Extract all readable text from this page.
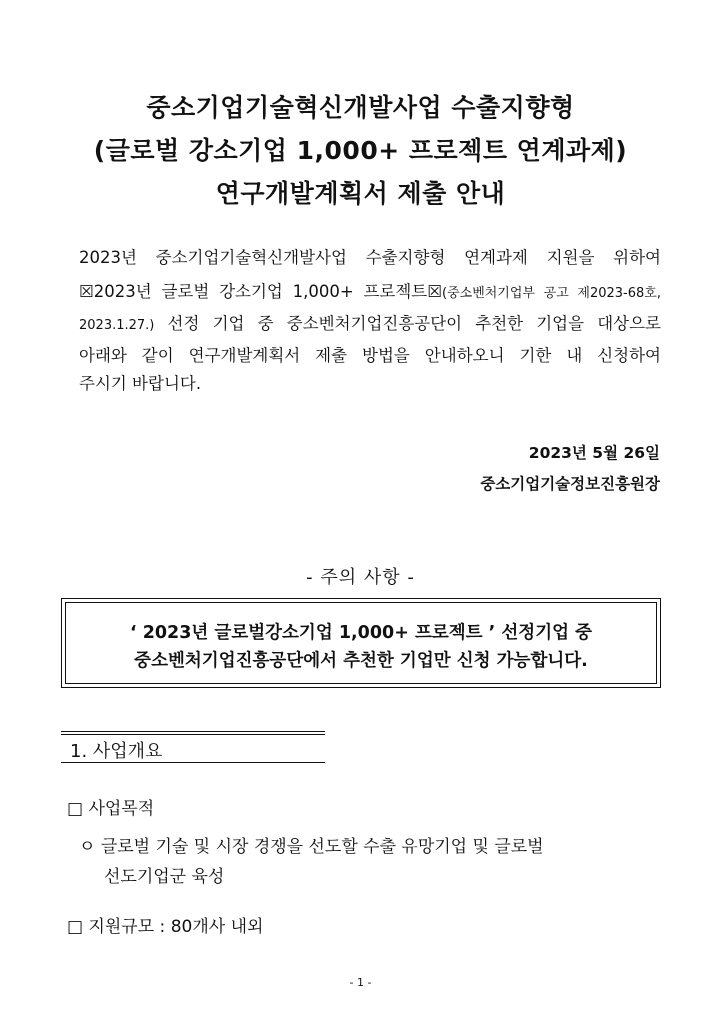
중소기업기술혁신개발사업 수출지향형
(글로벌 강소기업 1,000+ 프로젝트 연계과제)
연구개발계획서 제출 안내
2023년 중소기업기술혁신개발사업 수출지향형 연계과제 지원을 위하여
☒2023년 글로벌 강소기업 1,000+ 프로젝트☒(중소벤처기업부 공고 제2023-68호,
2023.1.27.) 선정 기업 중 중소벤처기업진흥공단이 추천한 기업을 대상으로
아래와 같이 연구개발계획서 제출 방법을 안내하오니 기한 내 신청하여
주시기 바랍니다.
2023년 5월 26일
중소기업기술정보진흥원장
- 주의 사항 -
‘ 2023년 글로벌강소기업 1,000+ 프로젝트 ’ 선정기업 중
중소벤처기업진흥공단에서 추천한 기업만 신청 가능합니다.
1. 사업개요
□ 사업목적
ㅇ 글로벌 기술 및 시장 경쟁을 선도할 수출 유망기업 및 글로벌
선도기업군 육성
□ 지원규모 : 80개사 내외
- 1 -
